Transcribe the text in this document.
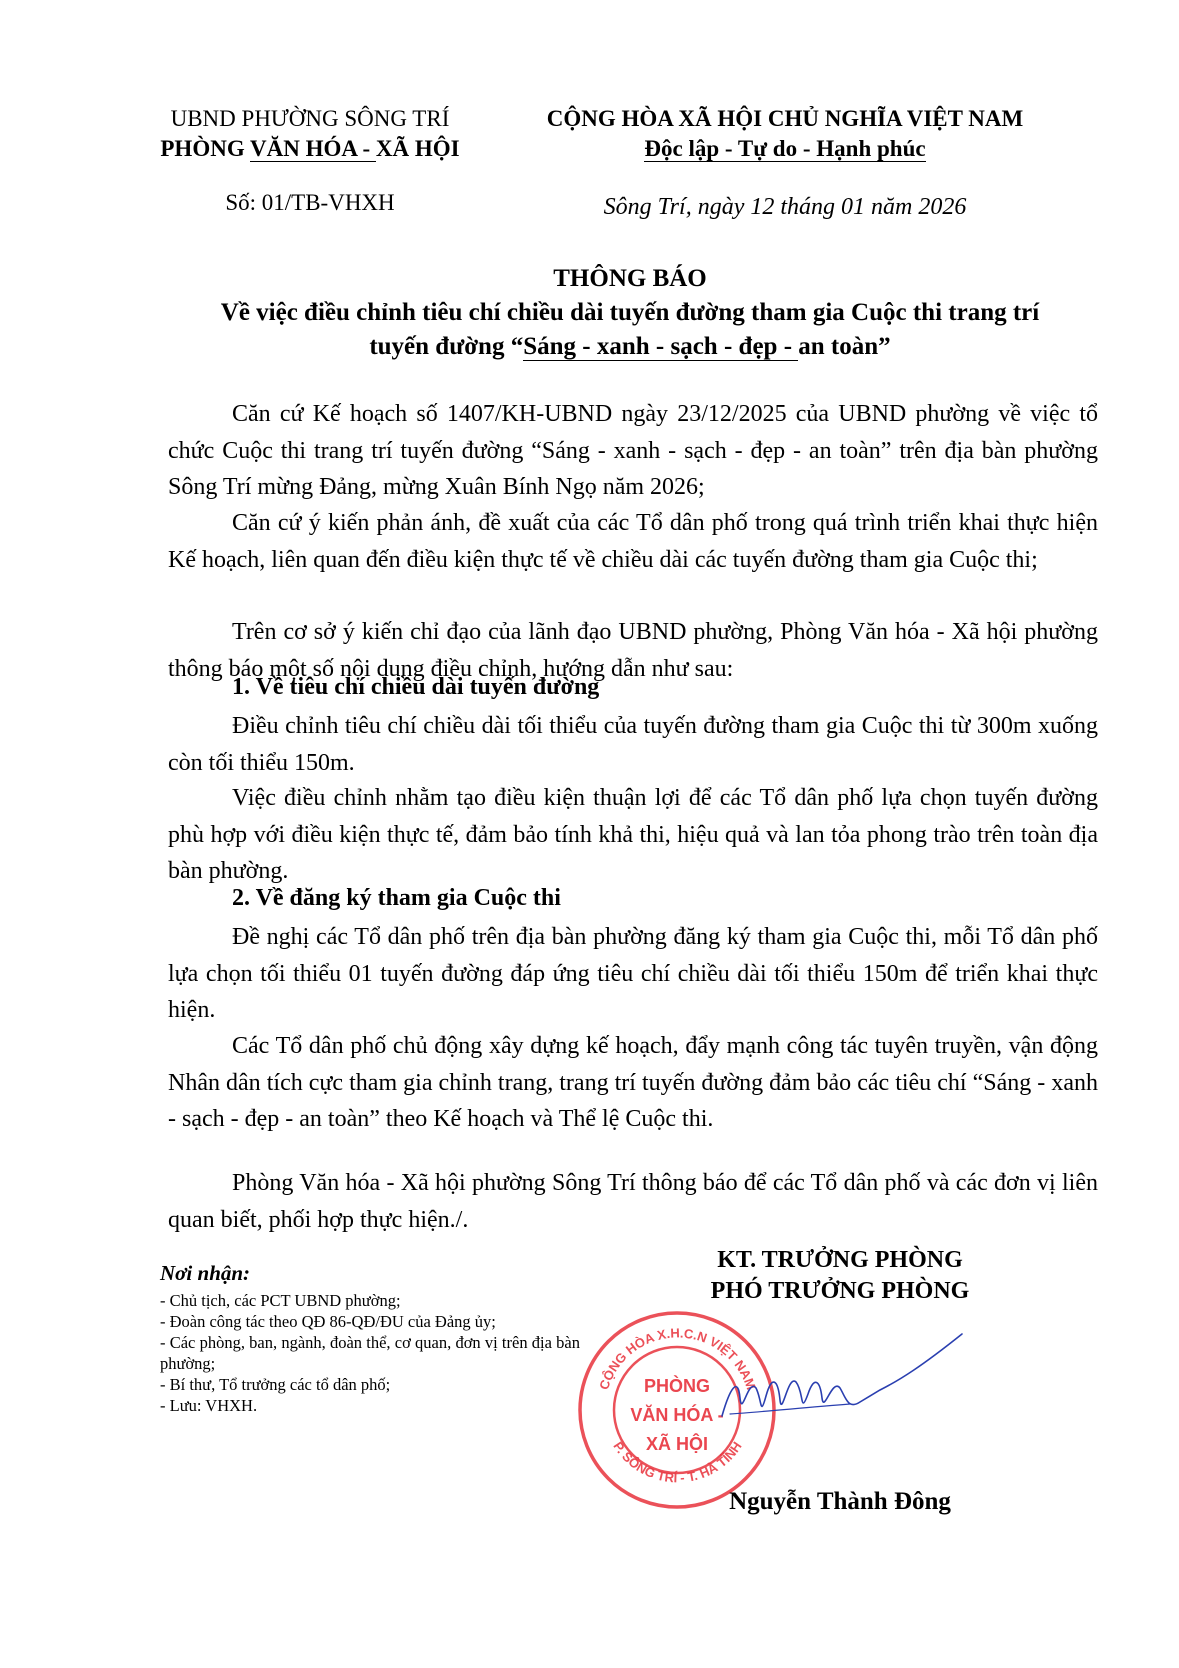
UBND PHƯỜNG SÔNG TRÍ
PHÒNG VĂN HÓA - XÃ HỘI
Số: 01/TB-VHXH
CỘNG HÒA XÃ HỘI CHỦ NGHĨA VIỆT NAM
Độc lập - Tự do - Hạnh phúc
Sông Trí, ngày 12 tháng 01 năm 2026
THÔNG BÁO
Về việc điều chỉnh tiêu chí chiều dài tuyến đường tham gia Cuộc thi trang trí
tuyến đường “Sáng - xanh - sạch - đẹp - an toàn”
Căn cứ Kế hoạch số 1407/KH-UBND ngày 23/12/2025 của UBND phường về việc tổ chức Cuộc thi trang trí tuyến đường “Sáng - xanh - sạch - đẹp - an toàn” trên địa bàn phường Sông Trí mừng Đảng, mừng Xuân Bính Ngọ năm 2026;
Căn cứ ý kiến phản ánh, đề xuất của các Tổ dân phố trong quá trình triển khai thực hiện Kế hoạch, liên quan đến điều kiện thực tế về chiều dài các tuyến đường tham gia Cuộc thi;
Trên cơ sở ý kiến chỉ đạo của lãnh đạo UBND phường, Phòng Văn hóa - Xã hội phường thông báo một số nội dung điều chỉnh, hướng dẫn như sau:
1. Về tiêu chí chiều dài tuyến đường
Điều chỉnh tiêu chí chiều dài tối thiểu của tuyến đường tham gia Cuộc thi từ 300m xuống còn tối thiểu 150m.
Việc điều chỉnh nhằm tạo điều kiện thuận lợi để các Tổ dân phố lựa chọn tuyến đường phù hợp với điều kiện thực tế, đảm bảo tính khả thi, hiệu quả và lan tỏa phong trào trên toàn địa bàn phường.
2. Về đăng ký tham gia Cuộc thi
Đề nghị các Tổ dân phố trên địa bàn phường đăng ký tham gia Cuộc thi, mỗi Tổ dân phố lựa chọn tối thiểu 01 tuyến đường đáp ứng tiêu chí chiều dài tối thiểu 150m để triển khai thực hiện.
Các Tổ dân phố chủ động xây dựng kế hoạch, đẩy mạnh công tác tuyên truyền, vận động Nhân dân tích cực tham gia chỉnh trang, trang trí tuyến đường đảm bảo các tiêu chí “Sáng - xanh - sạch - đẹp - an toàn” theo Kế hoạch và Thể lệ Cuộc thi.
Phòng Văn hóa - Xã hội phường Sông Trí thông báo để các Tổ dân phố và các đơn vị liên quan biết, phối hợp thực hiện./.
Nơi nhận:
- Chủ tịch, các PCT UBND phường;
- Đoàn công tác theo QĐ 86-QĐ/ĐU của Đảng ủy;
- Các phòng, ban, ngành, đoàn thể, cơ quan, đơn vị trên địa bàn phường;
- Bí thư, Tổ trưởng các tổ dân phố;
- Lưu: VHXH.
KT. TRƯỞNG PHÒNG
PHÓ TRƯỞNG PHÒNG
CỘNG HÒA X.H.C.N VIỆT NAM
P. SÔNG TRÍ - T. HÀ TĨNH
PHÒNG
VĂN HÓA -
XÃ HỘI
Nguyễn Thành Đông
